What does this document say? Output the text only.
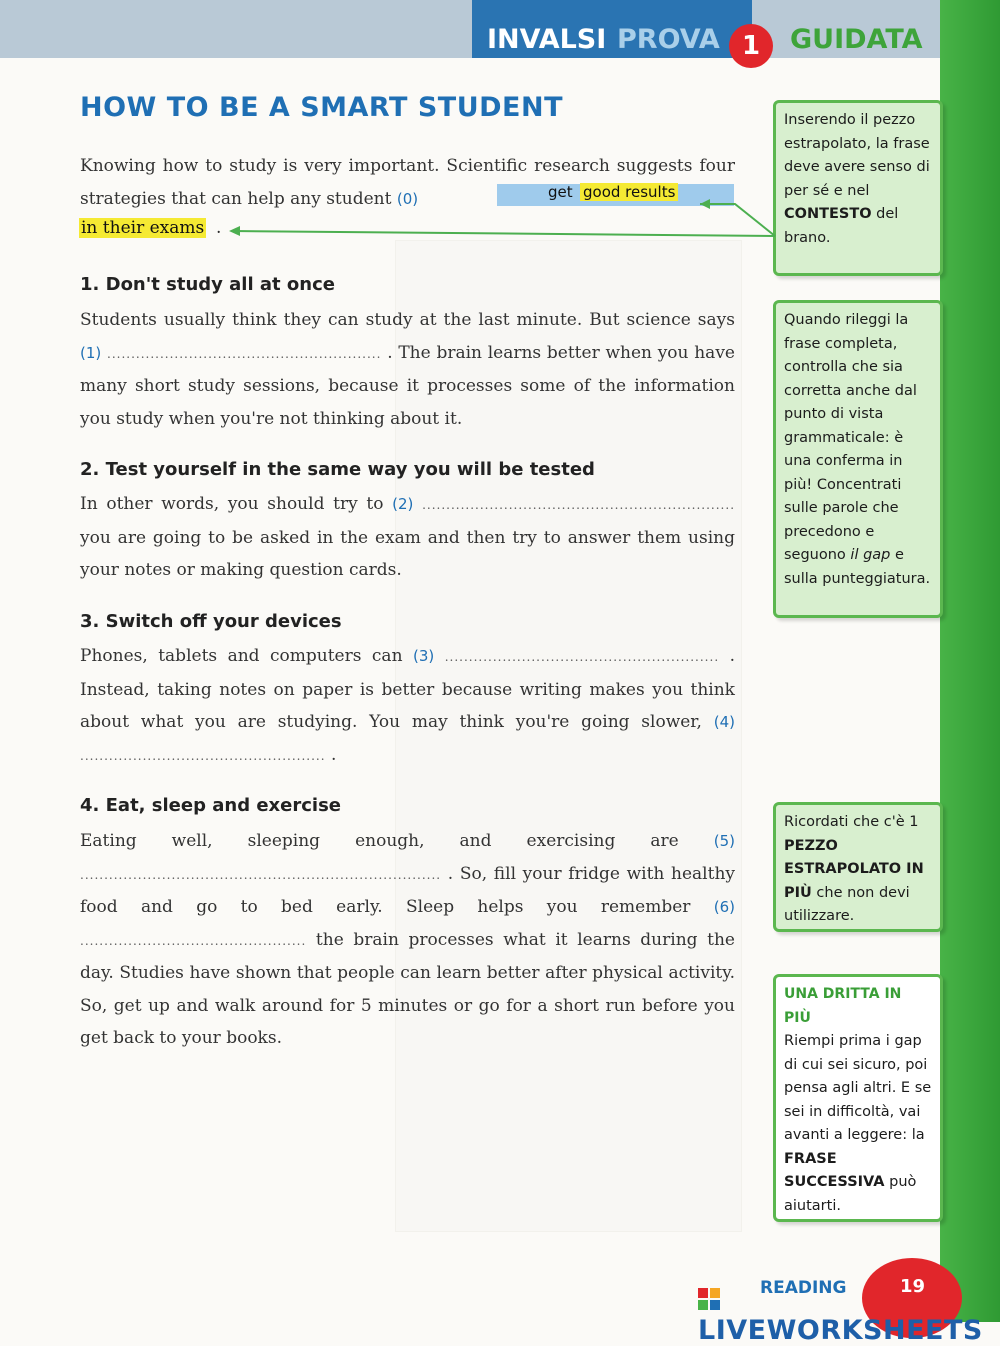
INVALSI PROVA 1	GUIDATA
HOW TO BE A SMART STUDENT
Knowing how to study is very important. Scientific research suggests four strategies that can help any student (0)	get good results
in their exams .
1. Don't study all at once
Students usually think they can study at the last minute. But science says (1) ......................................................... . The brain learns better when you have many short study sessions, because it processes some of the information you study when you're not thinking about it.
2. Test yourself in the same way you will be tested
In other words, you should try to (2) ................................................................. you are going to be asked in the exam and then try to answer them using your notes or making question cards.
3. Switch off your devices
Phones, tablets and computers can (3) ......................................................... . Instead, taking notes on paper is better because writing makes you think about what you are studying. You may think you're going slower, (4) ................................................... .
4. Eat, sleep and exercise
Eating well, sleeping enough, and exercising are (5) ........................................................................... . So, fill your fridge with healthy food and go to bed early. Sleep helps you remember (6) ............................................... the brain processes what it learns during the day. Studies have shown that people can learn better after physical activity. So, get up and walk around for 5 minutes or go for a short run before you get back to your books.
Inserendo il pezzo estrapolato, la frase deve avere senso di per sé e nel CONTESTO del brano.
Quando rileggi la frase completa, controlla che sia corretta anche dal punto di vista grammaticale: è una conferma in più! Concentrati sulle parole che precedono e seguono il gap e sulla punteggiatura.
Ricordati che c'è 1 PEZZO ESTRAPOLATO IN PIÙ che non devi utilizzare.
UNA DRITTA IN PIÙ
Riempi prima i gap di cui sei sicuro, poi pensa agli altri. E se sei in difficoltà, vai avanti a leggere: la FRASE SUCCESSIVA può aiutarti.
READING	19
LIVEWORKSHEETS
